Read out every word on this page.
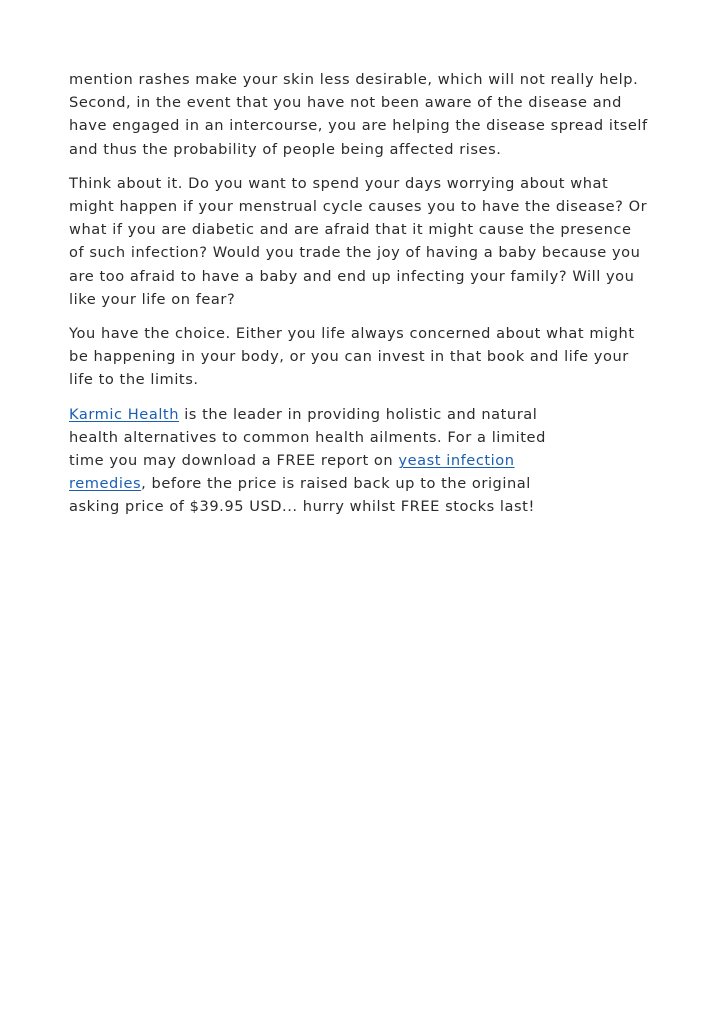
mention rashes make your skin less desirable, which will not really help.
Second, in the event that you have not been aware of the disease and
have engaged in an intercourse, you are helping the disease spread itself
and thus the probability of people being affected rises.

Think about it. Do you want to spend your days worrying about what
might happen if your menstrual cycle causes you to have the disease? Or
what if you are diabetic and are afraid that it might cause the presence
of such infection? Would you trade the joy of having a baby because you
are too afraid to have a baby and end up infecting your family? Will you
like your life on fear?

You have the choice. Either you life always concerned about what might
be happening in your body, or you can invest in that book and life your
life to the limits.

Karmic Health is the leader in providing holistic and natural
health alternatives to common health ailments. For a limited
time you may download a FREE report on yeast infection
remedies, before the price is raised back up to the original
asking price of $39.95 USD... hurry whilst FREE stocks last!
